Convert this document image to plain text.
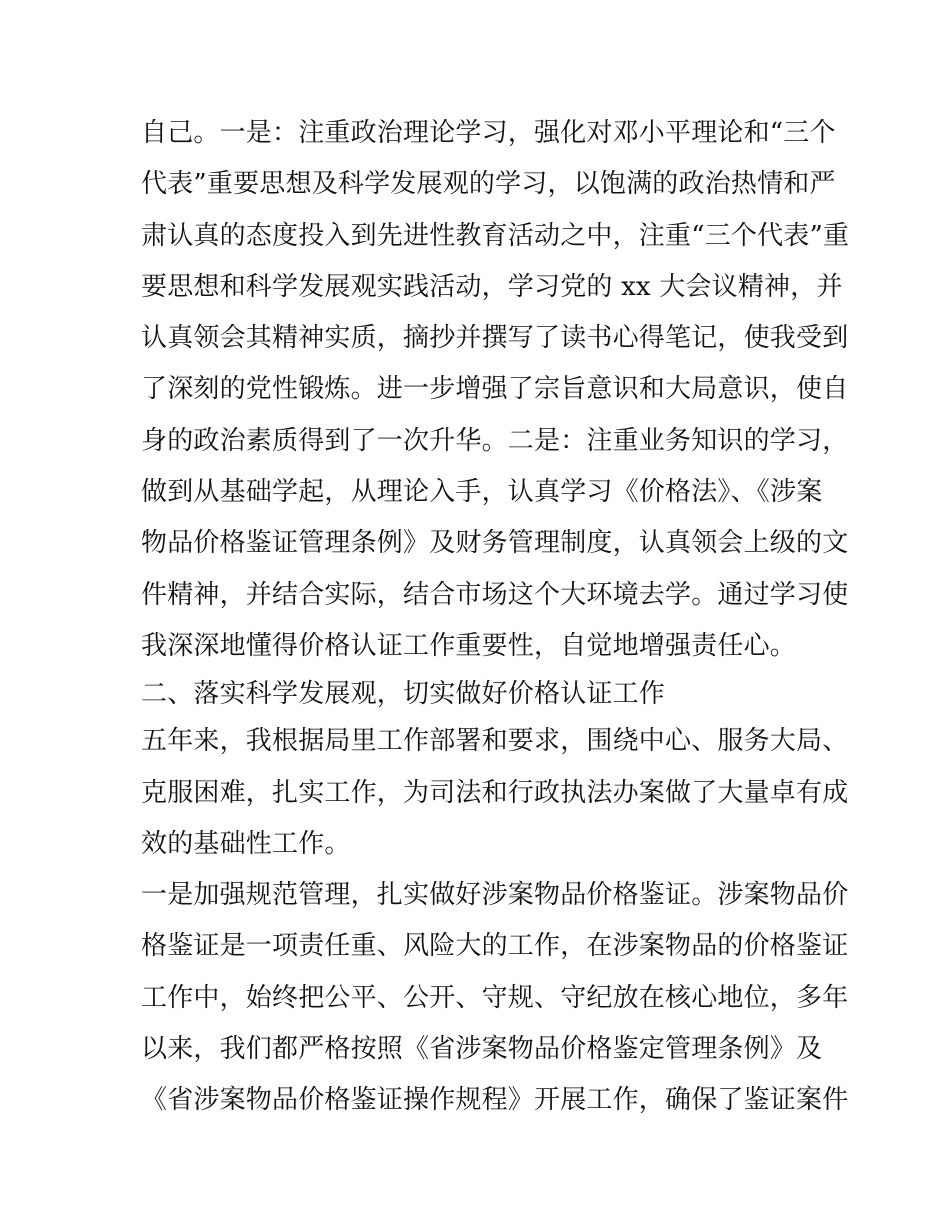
自己。一是：注重政治理论学习，强化对邓小平理论和“三个
代表”重要思想及科学发展观的学习，以饱满的政治热情和严
肃认真的态度投入到先进性教育活动之中，注重“三个代表”重
要思想和科学发展观实践活动，学习党的 xx 大会议精神，并
认真领会其精神实质，摘抄并撰写了读书心得笔记，使我受到
了深刻的党性锻炼。进一步增强了宗旨意识和大局意识，使自
身的政治素质得到了一次升华。二是：注重业务知识的学习，
做到从基础学起，从理论入手，认真学习《价格法》、《涉案
物品价格鉴证管理条例》及财务管理制度，认真领会上级的文
件精神，并结合实际，结合市场这个大环境去学。通过学习使
我深深地懂得价格认证工作重要性，自觉地增强责任心。
二、落实科学发展观，切实做好价格认证工作
五年来，我根据局里工作部署和要求，围绕中心、服务大局、
克服困难，扎实工作，为司法和行政执法办案做了大量卓有成
效的基础性工作。
一是加强规范管理，扎实做好涉案物品价格鉴证。涉案物品价
格鉴证是一项责任重、风险大的工作，在涉案物品的价格鉴证
工作中，始终把公平、公开、守规、守纪放在核心地位，多年
以来，我们都严格按照《省涉案物品价格鉴定管理条例》及
《省涉案物品价格鉴证操作规程》开展工作，确保了鉴证案件
